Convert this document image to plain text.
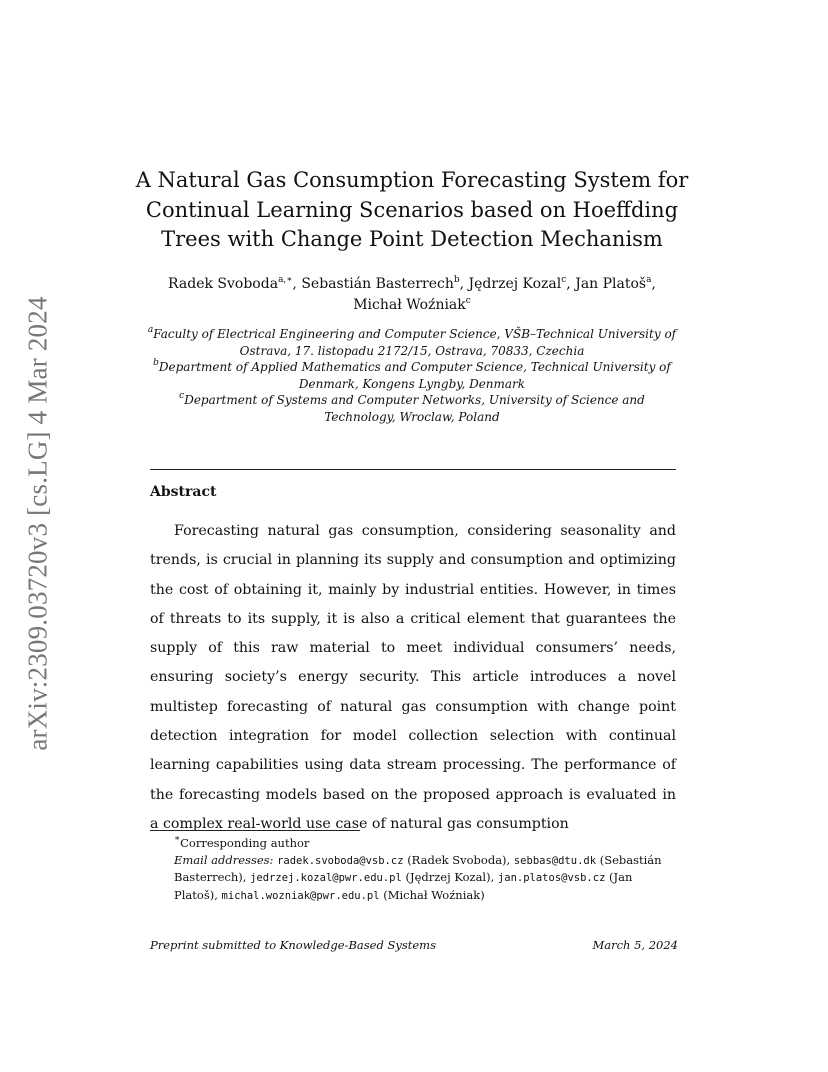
arXiv:2309.03720v3 [cs.LG] 4 Mar 2024
A Natural Gas Consumption Forecasting System for
Continual Learning Scenarios based on Hoeffding
Trees with Change Point Detection Mechanism
Radek Svoboda$^{a,∗}$, Sebastián Basterrech$^b$, Jędrzej Kozal$^c$, Jan Platoš$^a$,
Michał Woźniak$^c$

$^a$Faculty of Electrical Engineering and Computer Science, VŠB–Technical University of Ostrava, 17. listopadu 2172/15, Ostrava, 70833, Czechia

$^b$Department of Applied Mathematics and Computer Science, Technical University of Denmark, Kongens Lyngby, Denmark

$^c$Department of Systems and Computer Networks, University of Science and Technology, Wroclaw, Poland

Abstract

Forecasting natural gas consumption, considering seasonality and trends, is crucial in planning its supply and consumption and optimizing the cost of obtaining it, mainly by industrial entities. However, in times of threats to its supply, it is also a critical element that guarantees the supply of this raw material to meet individual consumers’ needs, ensuring society’s energy security. This article introduces a novel multistep forecasting of natural gas consumption with change point detection integration for model collection selection with continual learning capabilities using data stream processing. The performance of the forecasting models based on the proposed approach is evaluated in a complex real-world use case of natural gas consumption

∗Corresponding author

Email addresses: radek.svoboda@vsb.cz (Radek Svoboda), sebbas@dtu.dk (Sebastián Basterrech), jedrzej.kozal@pwr.edu.pl (Jędrzej Kozal), jan.platos@vsb.cz (Jan Platoš), michal.wozniak@pwr.edu.pl (Michał Woźniak)

Preprint submitted to Knowledge-Based Systems	March 5, 2024
